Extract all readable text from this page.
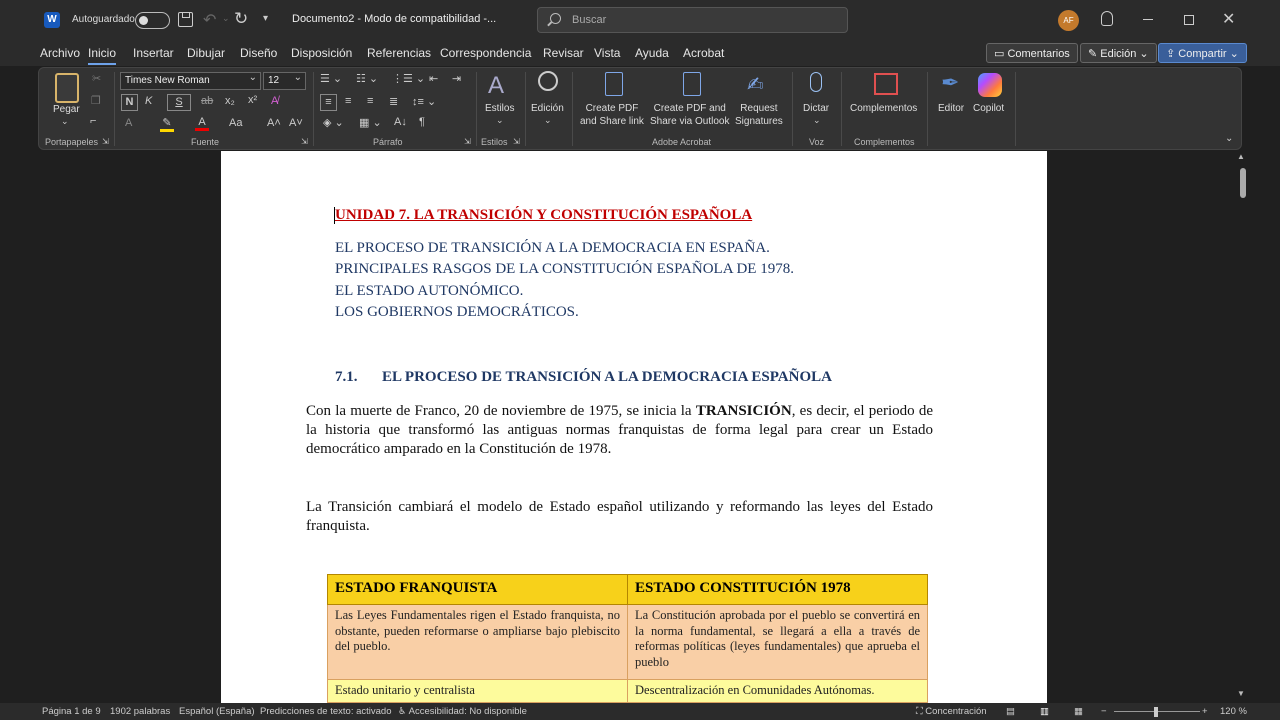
W	Autoguardado	↶ ⌄ ↻ ▾ Documento2 - Modo de compatibilidad -...	Buscar	AF	✕
Archivo Inicio Insertar Dibujar Diseño Disposición Referencias Correspondencia Revisar Vista Ayuda Acrobat	▭ Comentarios	✎ Edición ⌄	⇪ Compartir ⌄
Pegar
⌄
✂
❐
⌐
Portapapeles ⇲
Times New Roman ⌄	12 ⌄
N	K	S	ab x₂ x² A̸
A	✎	A	Aa A˄ A˅
Fuente	⇲
☰ ⌄ ☷ ⌄ ⋮☰ ⌄ ⇤ ⇥
≡	≡ ≡ ≣ ↕≡ ⌄
◈ ⌄ ▦ ⌄ A↓ ¶
Párrafo	⇲
A
Estilos
⌄
Estilos ⇲
Edición
⌄
Create PDF
and Share link
Create PDF and
Share via Outlook
✍
Request
Signatures
Adobe Acrobat
Dictar
⌄
Voz
Complementos
Complementos
✒
Editor Copilot
⌄
UNIDAD 7. LA TRANSICIÓN Y CONSTITUCIÓN ESPAÑOLA
EL PROCESO DE TRANSICIÓN A LA DEMOCRACIA EN ESPAÑA.
PRINCIPALES RASGOS DE LA CONSTITUCIÓN ESPAÑOLA DE 1978.
EL ESTADO AUTONÓMICO.
LOS GOBIERNOS DEMOCRÁTICOS.
7.1. EL PROCESO DE TRANSICIÓN A LA DEMOCRACIA ESPAÑOLA
Con la muerte de Franco, 20 de noviembre de 1975, se inicia la TRANSICIÓN, es decir, el periodo de la historia que transformó las antiguas normas franquistas de forma legal para crear un Estado democrático amparado en la Constitución de 1978.
La Transición cambiará el modelo de Estado español utilizando y reformando las leyes del Estado franquista.
ESTADO FRANQUISTA	ESTADO CONSTITUCIÓN 1978
Las Leyes Fundamentales rigen el Estado franquista, no obstante, pueden reformarse o ampliarse bajo plebiscito del pueblo.	La Constitución aprobada por el pueblo se convertirá en la norma fundamental, se llegará a ella a través de reformas políticas (leyes fundamentales) que aprueba el pueblo
Estado unitario y centralista	Descentralización en Comunidades Autónomas.
▲
▼
Página 1 de 9 1902 palabras Español (España) Predicciones de texto: activado ♿ Accesibilidad: No disponible	⛶ Concentración ▤	▥	▦ −	+ 120 %
